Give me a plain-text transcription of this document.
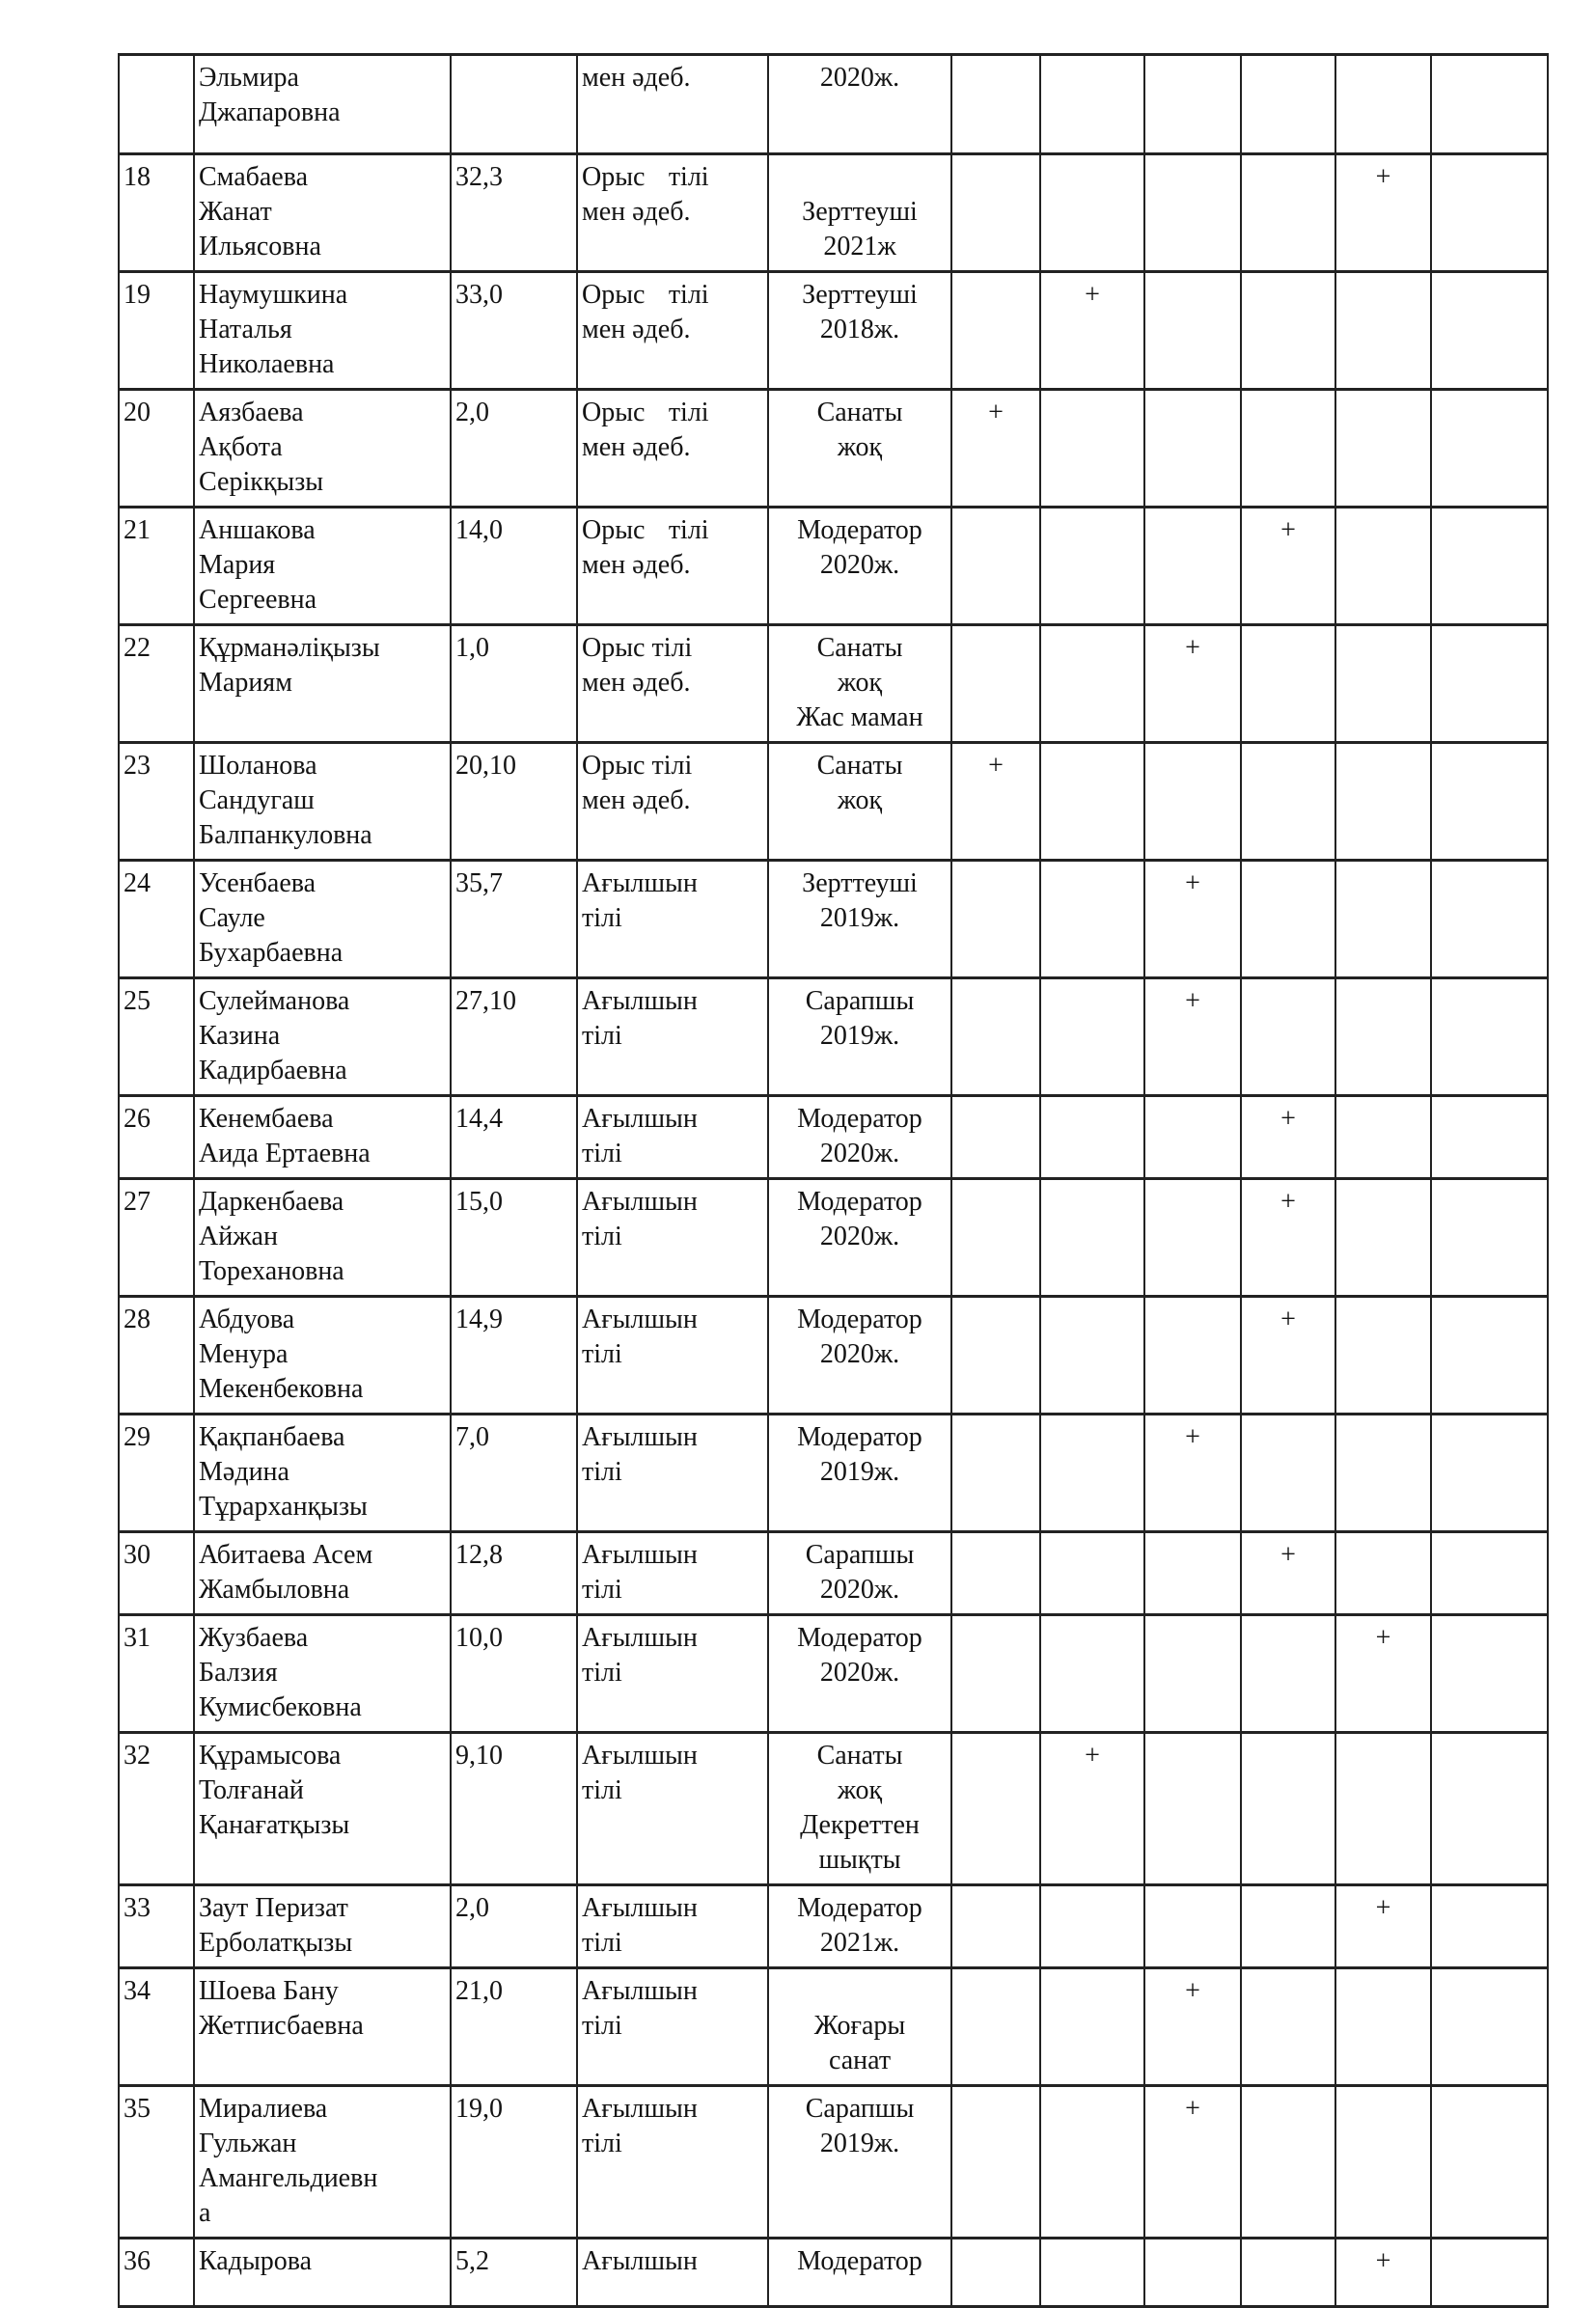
	Эльмира
Джапаровна		мен әдеб.	2020ж.						

18	Смабаева
Жанат
Ильясовна	32,3	Орыс тілі
мен әдеб.	Зерттеуші
2021ж					+	
19	Наумушкина
Наталья
Николаевна	33,0	Орыс тілі
мен әдеб.	Зерттеуші
2018ж.		+				
20	Аязбаева
Ақбота
Серікқызы	2,0	Орыс тілі
мен әдеб.	Санаты
жоқ	+					
21	Аншакова
Мария
Сергеевна	14,0	Орыс тілі
мен әдеб.	Модератор
2020ж.				+		
22	Құрманәліқызы
Мариям	1,0	Орыс тілі
мен әдеб.	Санаты
жоқ
Жас маман			+			
23	Шоланова
Сандугаш
Балпанкуловна	20,10	Орыс тілі
мен әдеб.	Санаты
жоқ	+					
24	Усенбаева
Сауле
Бухарбаевна	35,7	Ағылшын
тілі	Зерттеуші
2019ж.			+			
25	Сулейманова
Казина
Кадирбаевна	27,10	Ағылшын
тілі	Сарапшы
2019ж.			+			
26	Кенембаева
Аида Ертаевна	14,4	Ағылшын
тілі	Модератор
2020ж.				+		
27	Даркенбаева
Айжан
Торехановна	15,0	Ағылшын
тілі	Модератор
2020ж.				+		
28	Абдуова
Менура
Мекенбековна	14,9	Ағылшын
тілі	Модератор
2020ж.				+		
29	Қақпанбаева
Мәдина
Тұрарханқызы	7,0	Ағылшын
тілі	Модератор
2019ж.			+			
30	Абитаева Асем
Жамбыловна	12,8	Ағылшын
тілі	Сарапшы
2020ж.				+		
31	Жузбаева
Балзия
Кумисбековна	10,0	Ағылшын
тілі	Модератор
2020ж.					+	
32	Құрамысова
Толғанай
Қанағатқызы	9,10	Ағылшын
тілі	Санаты
жоқ
Декреттен
шықты		+				
33	Заут Перизат
Ерболатқызы	2,0	Ағылшын
тілі	Модератор
2021ж.					+	
34	Шоева Бану
Жетписбаевна	21,0	Ағылшын
тілі	Жоғары
санат			+			
35	Миралиева
Гульжан
Амангельдиевн
а	19,0	Ағылшын
тілі	Сарапшы
2019ж.			+			
36	Кадырова	5,2	Ағылшын	Модератор					+	
